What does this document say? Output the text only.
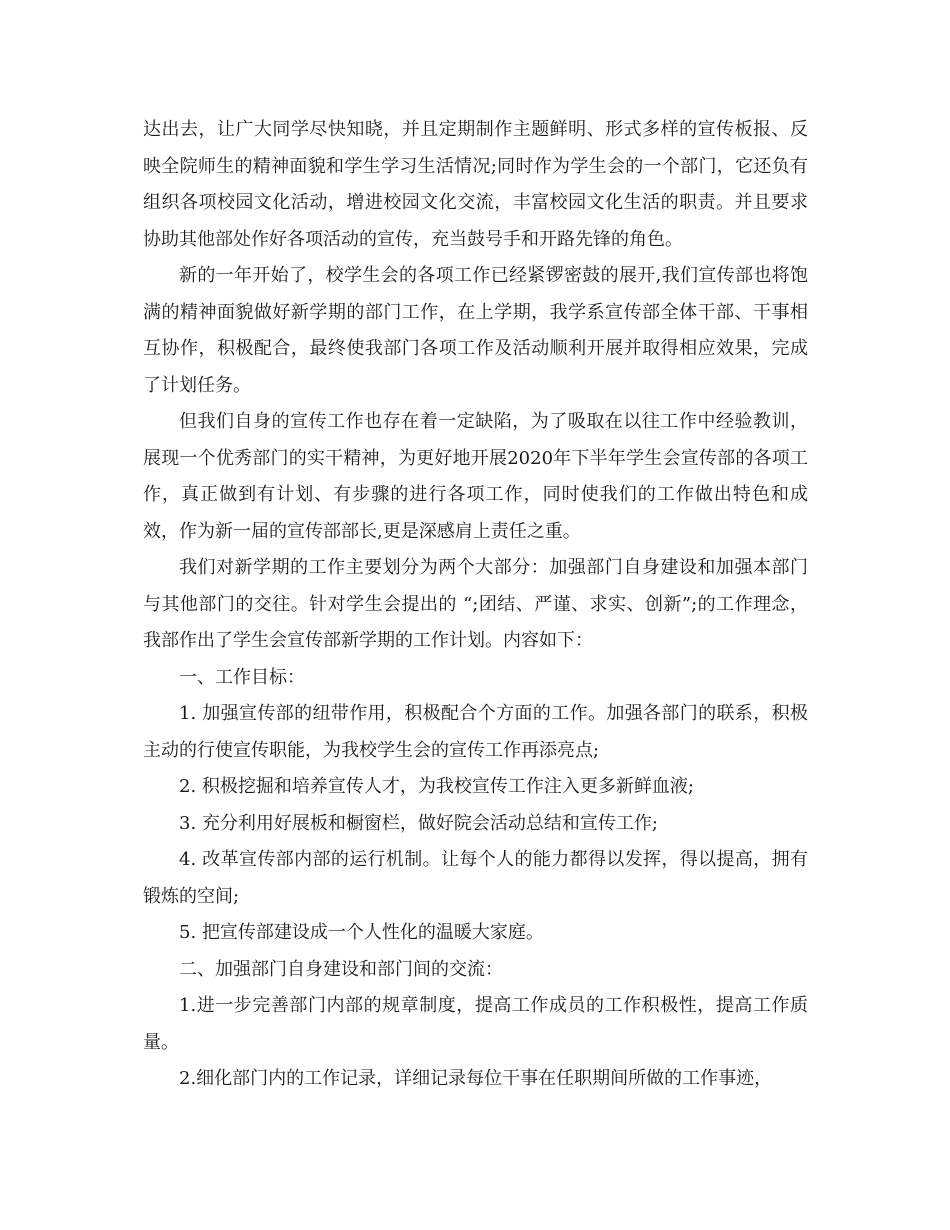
达出去，让广大同学尽快知晓，并且定期制作主题鲜明、形式多样的宣传板报、反映全院师生的精神面貌和学生学习生活情况;同时作为学生会的一个部门，它还负有组织各项校园文化活动，增进校园文化交流，丰富校园文化生活的职责。并且要求协助其他部处作好各项活动的宣传，充当鼓号手和开路先锋的角色。

新的一年开始了，校学生会的各项工作已经紧锣密鼓的展开,我们宣传部也将饱满的精神面貌做好新学期的部门工作，在上学期，我学系宣传部全体干部、干事相互协作，积极配合，最终使我部门各项工作及活动顺利开展并取得相应效果，完成了计划任务。

但我们自身的宣传工作也存在着一定缺陷，为了吸取在以往工作中经验教训，展现一个优秀部门的实干精神，为更好地开展2020年下半年学生会宣传部的各项工作，真正做到有计划、有步骤的进行各项工作，同时使我们的工作做出特色和成效，作为新一届的宣传部部长,更是深感肩上责任之重。

我们对新学期的工作主要划分为两个大部分：加强部门自身建设和加强本部门与其他部门的交往。针对学生会提出的 “;团结、严谨、求实、创新”;的工作理念，我部作出了学生会宣传部新学期的工作计划。内容如下：

一、工作目标：

1. 加强宣传部的纽带作用，积极配合个方面的工作。加强各部门的联系，积极主动的行使宣传职能，为我校学生会的宣传工作再添亮点;

2. 积极挖掘和培养宣传人才，为我校宣传工作注入更多新鲜血液;

3. 充分利用好展板和橱窗栏，做好院会活动总结和宣传工作;

4. 改革宣传部内部的运行机制。让每个人的能力都得以发挥，得以提高，拥有锻炼的空间;

5. 把宣传部建设成一个人性化的温暖大家庭。

二、加强部门自身建设和部门间的交流：

1.进一步完善部门内部的规章制度，提高工作成员的工作积极性，提高工作质量。

2.细化部门内的工作记录，详细记录每位干事在任职期间所做的工作事迹，
